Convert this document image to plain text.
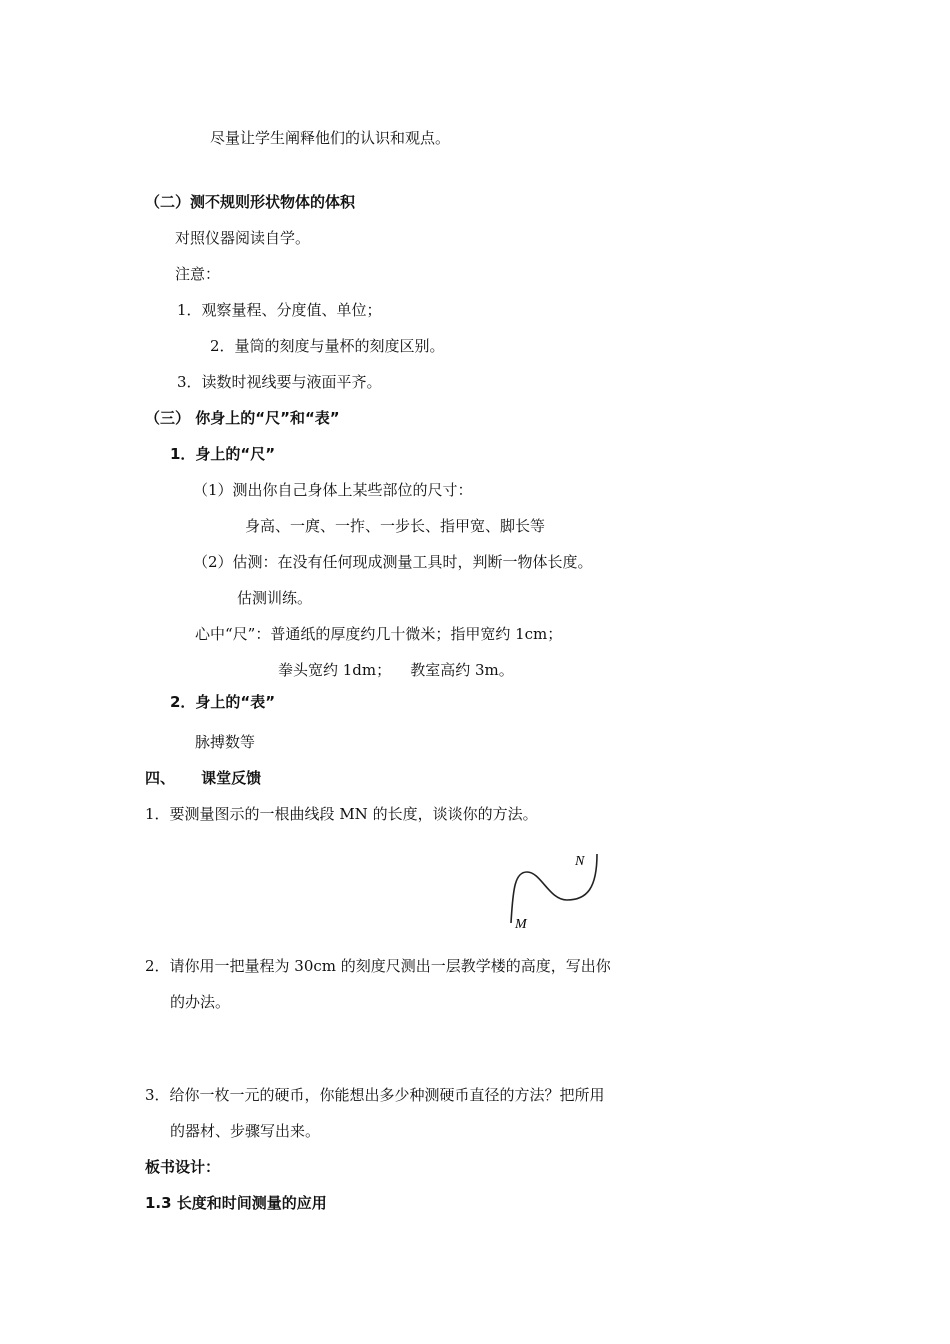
尽量让学生阐释他们的认识和观点。
（二）测不规则形状物体的体积
对照仪器阅读自学。
注意：
1．观察量程、分度值、单位；
2．量筒的刻度与量杯的刻度区别。
3．读数时视线要与液面平齐。
（三） 你身上的“尺”和“表”
1．身上的“尺”
（1）测出你自己身体上某些部位的尺寸：
身高、一庹、一拃、一步长、指甲宽、脚长等
（2）估测：在没有任何现成测量工具时，判断一物体长度。
估测训练。
心中“尺”：普通纸的厚度约几十微米；指甲宽约 1cm；
拳头宽约 1dm；    教室高约 3m。
2．身上的“表”
脉搏数等
四、     课堂反馈
1．要测量图示的一根曲线段 MN 的长度，谈谈你的方法。
N
M
2．请你用一把量程为 30cm 的刻度尺测出一层教学楼的高度，写出你
的办法。
3．给你一枚一元的硬币，你能想出多少种测硬币直径的方法？把所用
的器材、步骤写出来。
板书设计：
1.3 长度和时间测量的应用
